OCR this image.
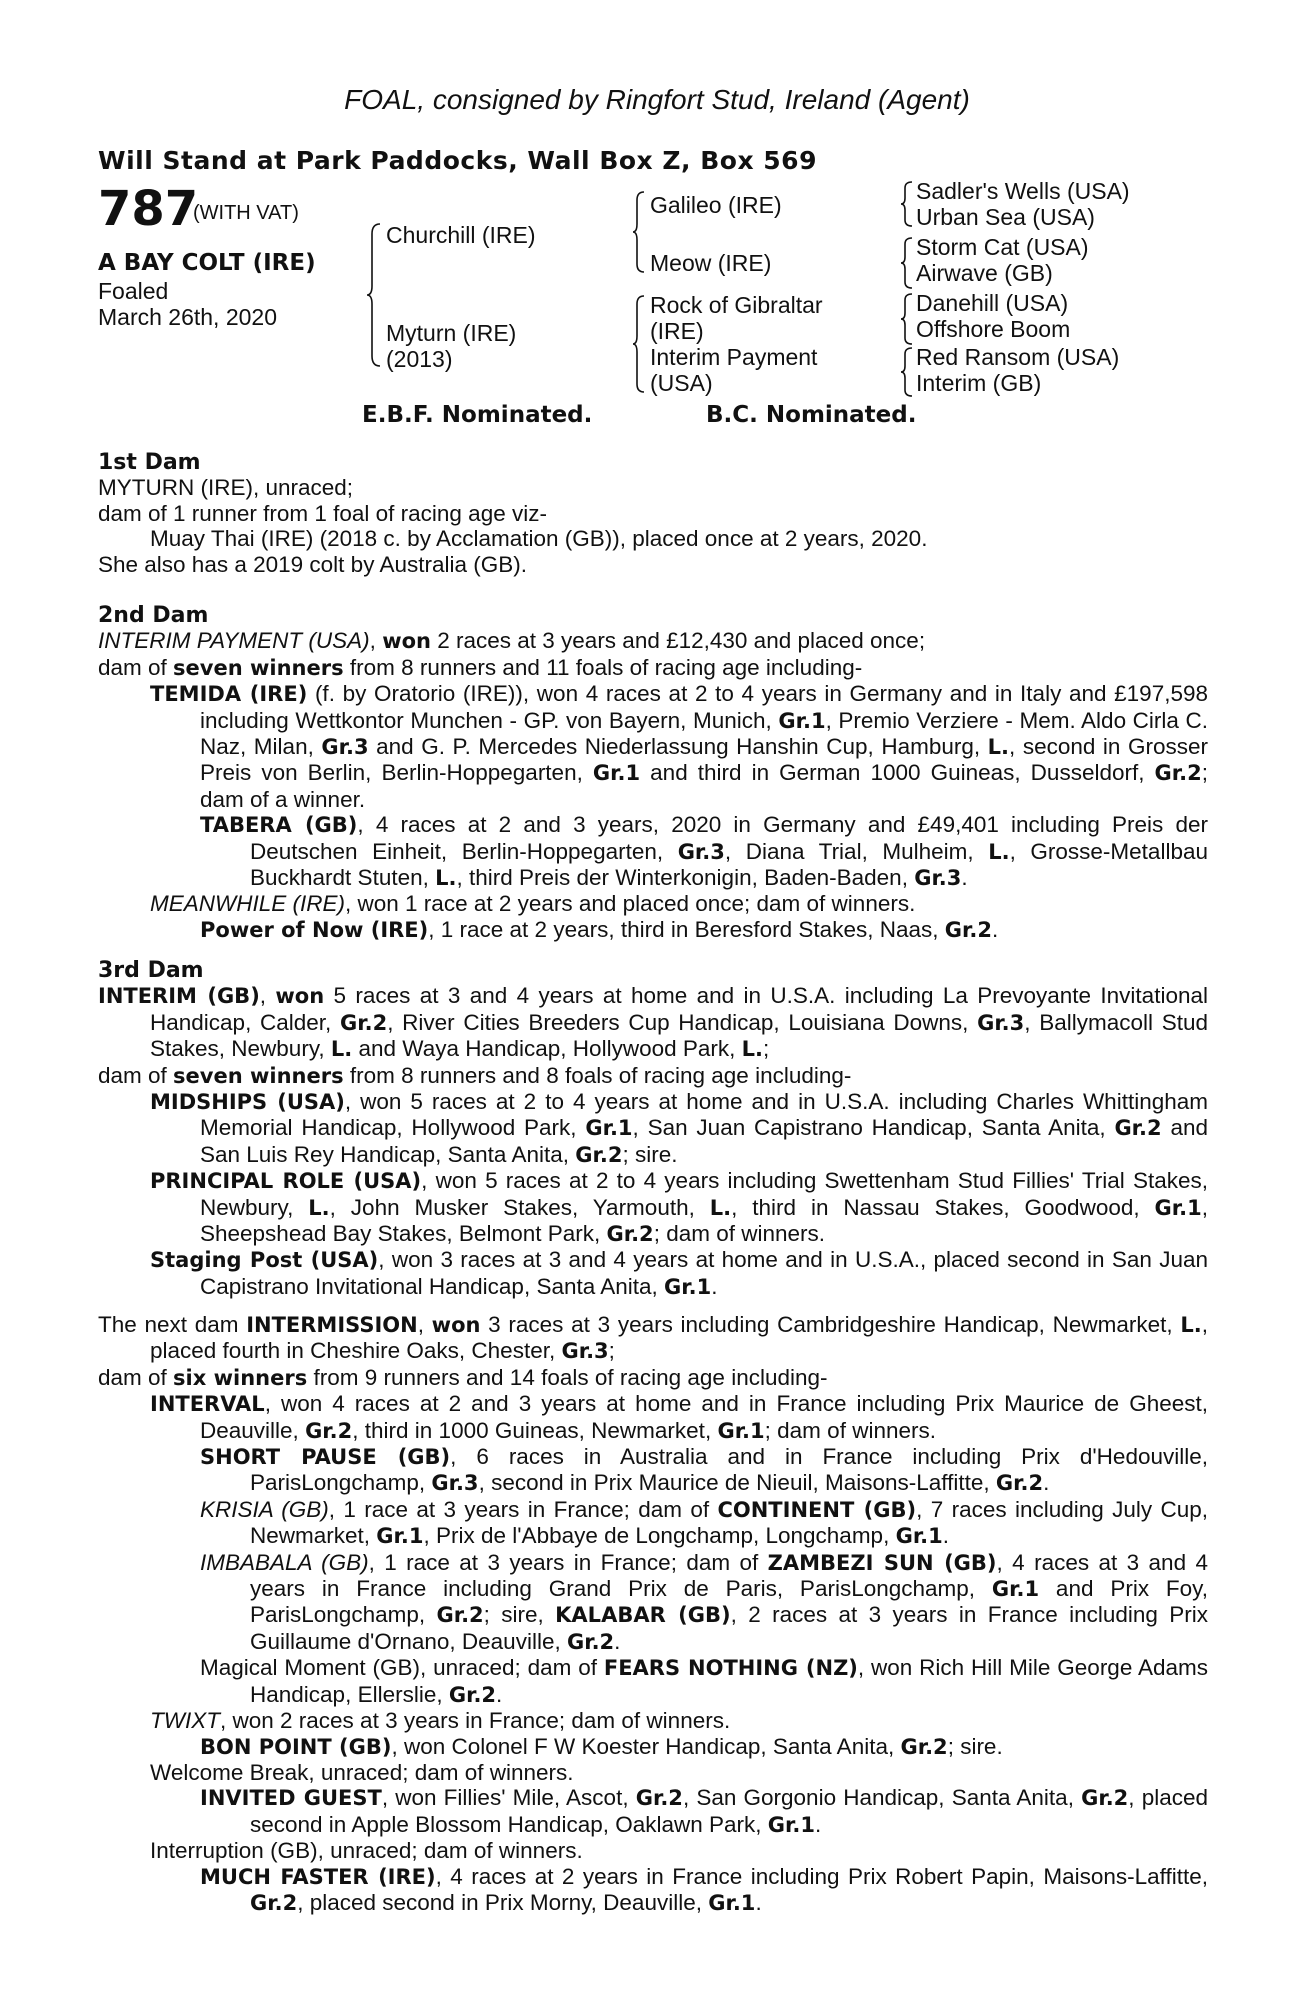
FOAL, consigned by Ringfort Stud, Ireland (Agent)
Will Stand at Park Paddocks, Wall Box Z, Box 569
787
(WITH VAT)
A BAY COLT (IRE)
Foaled
March 26th, 2020
Churchill (IRE)
Myturn (IRE)
(2013)
Galileo (IRE)
Meow (IRE)
Rock of Gibraltar
(IRE)
Interim Payment
(USA)
Sadler's Wells (USA)
Urban Sea (USA)
Storm Cat (USA)
Airwave (GB)
Danehill (USA)
Offshore Boom
Red Ransom (USA)
Interim (GB)
E.B.F. Nominated.	B.C. Nominated.
1st Dam
MYTURN (IRE), unraced;
dam of 1 runner from 1 foal of racing age viz-
Muay Thai (IRE) (2018 c. by Acclamation (GB)), placed once at 2 years, 2020.
She also has a 2019 colt by Australia (GB).
2nd Dam
INTERIM PAYMENT (USA), won 2 races at 3 years and £12,430 and placed once;
dam of seven winners from 8 runners and 11 foals of racing age including-
TEMIDA (IRE) (f. by Oratorio (IRE)), won 4 races at 2 to 4 years in Germany and in Italy and £197,598 including Wettkontor Munchen - GP. von Bayern, Munich, Gr.1, Premio Verziere - Mem. Aldo Cirla C. Naz, Milan, Gr.3 and G. P. Mercedes Niederlassung Hanshin Cup, Hamburg, L., second in Grosser Preis von Berlin, Berlin-Hoppegarten, Gr.1 and third in German 1000 Guineas, Dusseldorf, Gr.2; dam of a winner.
TABERA (GB), 4 races at 2 and 3 years, 2020 in Germany and £49,401 including Preis der Deutschen Einheit, Berlin-Hoppegarten, Gr.3, Diana Trial, Mulheim, L., Grosse-Metallbau Buckhardt Stuten, L., third Preis der Winterkonigin, Baden-Baden, Gr.3.
MEANWHILE (IRE), won 1 race at 2 years and placed once; dam of winners.
Power of Now (IRE), 1 race at 2 years, third in Beresford Stakes, Naas, Gr.2.
3rd Dam
INTERIM (GB), won 5 races at 3 and 4 years at home and in U.S.A. including La Prevoyante Invitational Handicap, Calder, Gr.2, River Cities Breeders Cup Handicap, Louisiana Downs, Gr.3, Ballymacoll Stud Stakes, Newbury, L. and Waya Handicap, Hollywood Park, L.;
dam of seven winners from 8 runners and 8 foals of racing age including-
MIDSHIPS (USA), won 5 races at 2 to 4 years at home and in U.S.A. including Charles Whittingham Memorial Handicap, Hollywood Park, Gr.1, San Juan Capistrano Handicap, Santa Anita, Gr.2 and San Luis Rey Handicap, Santa Anita, Gr.2; sire.
PRINCIPAL ROLE (USA), won 5 races at 2 to 4 years including Swettenham Stud Fillies' Trial Stakes, Newbury, L., John Musker Stakes, Yarmouth, L., third in Nassau Stakes, Goodwood, Gr.1, Sheepshead Bay Stakes, Belmont Park, Gr.2; dam of winners.
Staging Post (USA), won 3 races at 3 and 4 years at home and in U.S.A., placed second in San Juan Capistrano Invitational Handicap, Santa Anita, Gr.1.
The next dam INTERMISSION, won 3 races at 3 years including Cambridgeshire Handicap, Newmarket, L., placed fourth in Cheshire Oaks, Chester, Gr.3;
dam of six winners from 9 runners and 14 foals of racing age including-
INTERVAL, won 4 races at 2 and 3 years at home and in France including Prix Maurice de Gheest, Deauville, Gr.2, third in 1000 Guineas, Newmarket, Gr.1; dam of winners.
SHORT PAUSE (GB), 6 races in Australia and in France including Prix d'Hedouville, ParisLongchamp, Gr.3, second in Prix Maurice de Nieuil, Maisons-Laffitte, Gr.2.
KRISIA (GB), 1 race at 3 years in France; dam of CONTINENT (GB), 7 races including July Cup, Newmarket, Gr.1, Prix de l'Abbaye de Longchamp, Longchamp, Gr.1.
IMBABALA (GB), 1 race at 3 years in France; dam of ZAMBEZI SUN (GB), 4 races at 3 and 4 years in France including Grand Prix de Paris, ParisLongchamp, Gr.1 and Prix Foy, ParisLongchamp, Gr.2; sire, KALABAR (GB), 2 races at 3 years in France including Prix Guillaume d'Ornano, Deauville, Gr.2.
Magical Moment (GB), unraced; dam of FEARS NOTHING (NZ), won Rich Hill Mile George Adams Handicap, Ellerslie, Gr.2.
TWIXT, won 2 races at 3 years in France; dam of winners.
BON POINT (GB), won Colonel F W Koester Handicap, Santa Anita, Gr.2; sire.
Welcome Break, unraced; dam of winners.
INVITED GUEST, won Fillies' Mile, Ascot, Gr.2, San Gorgonio Handicap, Santa Anita, Gr.2, placed second in Apple Blossom Handicap, Oaklawn Park, Gr.1.
Interruption (GB), unraced; dam of winners.
MUCH FASTER (IRE), 4 races at 2 years in France including Prix Robert Papin, Maisons-Laffitte, Gr.2, placed second in Prix Morny, Deauville, Gr.1.
